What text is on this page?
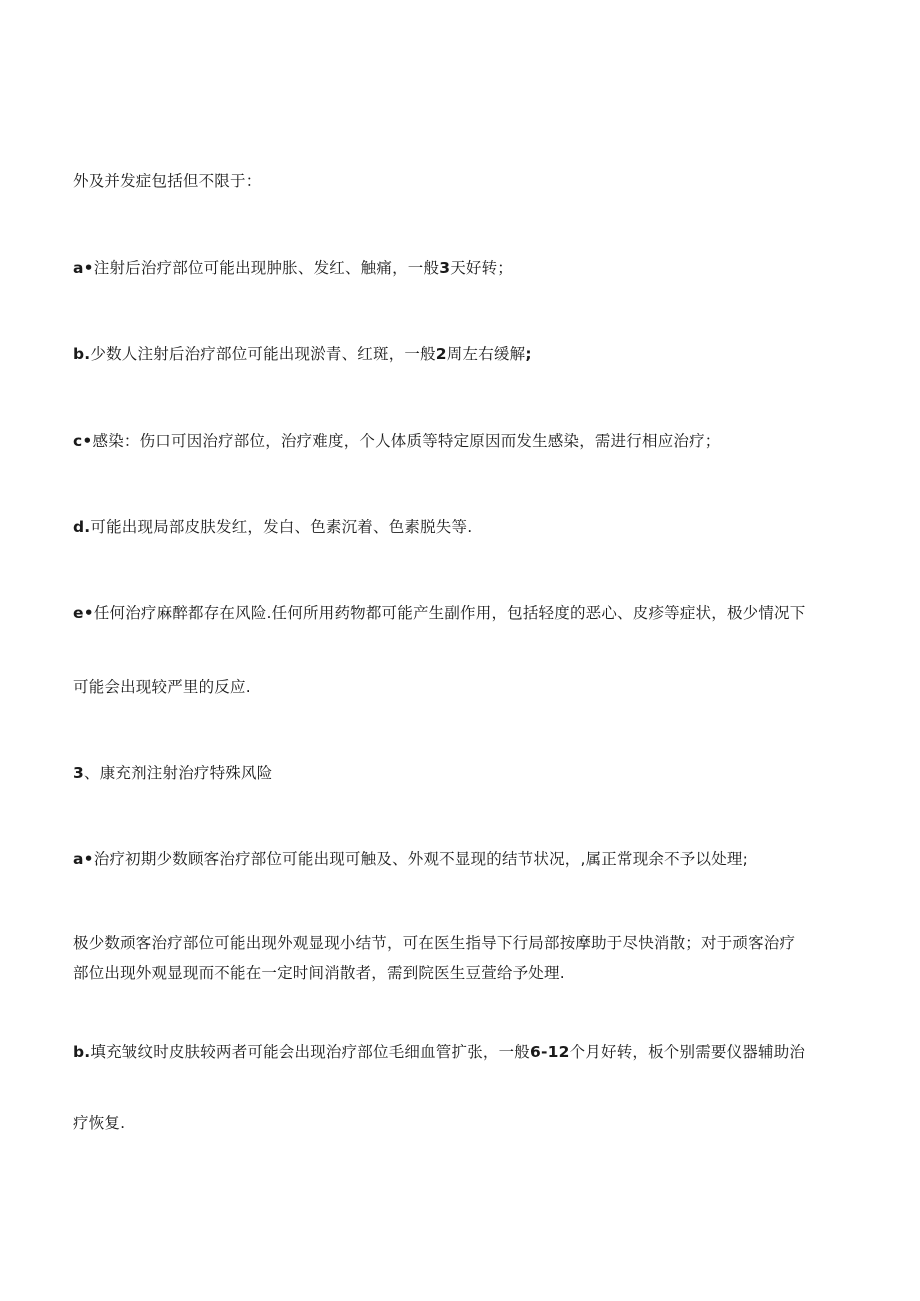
外及并发症包括但不限于：
a•注射后治疗部位可能出现肿胀、发红、触痛，一般3天好转；
b.少数人注射后治疗部位可能出现淤青、红斑，一般2周左右缓解;
c•感染：伤口可因治疗部位，治疗难度，个人体质等特定原因而发生感染，需进行相应治疗；
d.可能出现局部皮肤发红，发白、色素沉着、色素脱失等.
e•任何治疗麻醉都存在风险.任何所用药物都可能产生副作用，包括轻度的恶心、皮疹等症状，极少情况下
可能会出现较严里的反应.
3、康充剂注射治疗特殊风险
a•治疗初期少数顾客治疗部位可能出现可触及、外观不显现的结节状况，,属正常现余不予以处理;
极少数顽客治疗部位可能出现外观显现小结节，可在医生指导下行局部按摩助于尽快消散；对于顽客治疗
部位出现外观显现而不能在一定时间消散者，需到院医生豆萱给予处理.
b.填充皱纹时皮肤较两者可能会出现治疗部位毛细血管扩张，一般6-12个月好转，板个别需要仪器辅助治
疗恢复.
